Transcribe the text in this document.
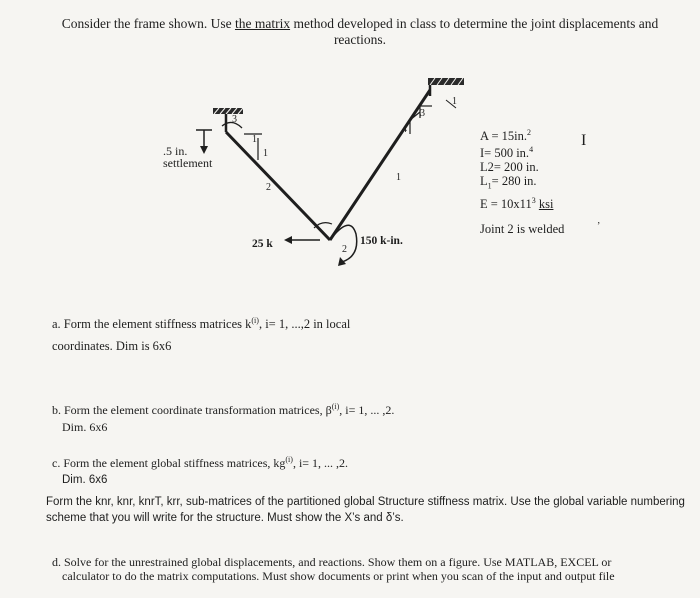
Consider the frame shown. Use the matrix method developed in class to determine the joint displacements and
reactions.
.5 in.
settlement
3
1
1
2
4
3
1
1
2
25 k	150 k-in.
A = 15in.$^2$
I= 500 in.$^4$
L2= 200 in.
$L_1= 280$ in.
$E = 10x11^3$ ksi
I
Joint 2 is welded	’
a. Form the element stiffness matrices $k^{(i)}$, i= 1, ...,2 in local
coordinates. Dim is 6x6
b. Form the element coordinate transformation matrices, $\beta^{(i)}$, i= 1, ... ,2.
Dim. 6x6
c. Form the element global stiffness matrices, $kg^{(i)}$, i= 1, ... ,2.
Dim. 6x6
Form the knr, knr, knrT, krr, sub-matrices of the partitioned global Structure stiffness matrix. Use the global variable numbering scheme that you will write for the structure. Must show the X’s and δ’s.
d. Solve for the unrestrained global displacements, and reactions. Show them on a figure. Use MATLAB, EXCEL or
calculator to do the matrix computations. Must show documents or print when you scan of the input and output file
